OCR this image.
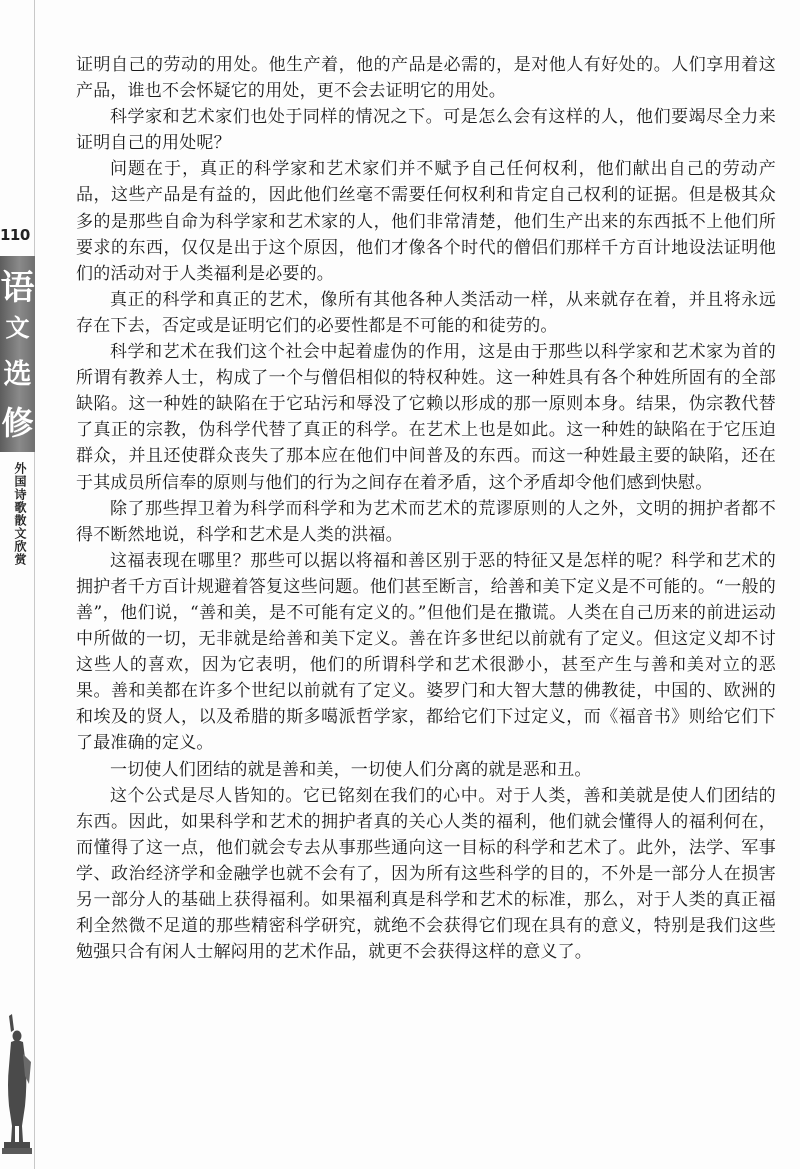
110
语
文
选
修
外国诗歌散文欣赏

证明自己的劳动的用处。他生产着，他的产品是必需的，是对他人有好处的。人们享用着这产品，谁也不会怀疑它的用处，更不会去证明它的用处。

科学家和艺术家们也处于同样的情况之下。可是怎么会有这样的人，他们要竭尽全力来证明自己的用处呢？

问题在于，真正的科学家和艺术家们并不赋予自己任何权利，他们献出自己的劳动产品，这些产品是有益的，因此他们丝毫不需要任何权利和肯定自己权利的证据。但是极其众多的是那些自命为科学家和艺术家的人，他们非常清楚，他们生产出来的东西抵不上他们所要求的东西，仅仅是出于这个原因，他们才像各个时代的僧侣们那样千方百计地设法证明他们的活动对于人类福利是必要的。

真正的科学和真正的艺术，像所有其他各种人类活动一样，从来就存在着，并且将永远存在下去，否定或是证明它们的必要性都是不可能的和徒劳的。

科学和艺术在我们这个社会中起着虚伪的作用，这是由于那些以科学家和艺术家为首的所谓有教养人士，构成了一个与僧侣相似的特权种姓。这一种姓具有各个种姓所固有的全部缺陷。这一种姓的缺陷在于它玷污和辱没了它赖以形成的那一原则本身。结果，伪宗教代替了真正的宗教，伪科学代替了真正的科学。在艺术上也是如此。这一种姓的缺陷在于它压迫群众，并且还使群众丧失了那本应在他们中间普及的东西。而这一种姓最主要的缺陷，还在于其成员所信奉的原则与他们的行为之间存在着矛盾，这个矛盾却令他们感到快慰。

除了那些捍卫着为科学而科学和为艺术而艺术的荒谬原则的人之外，文明的拥护者都不得不断然地说，科学和艺术是人类的洪福。

这福表现在哪里？那些可以据以将福和善区别于恶的特征又是怎样的呢？科学和艺术的拥护者千方百计规避着答复这些问题。他们甚至断言，给善和美下定义是不可能的。“一般的善”，他们说，“善和美，是不可能有定义的。”但他们是在撒谎。人类在自己历来的前进运动中所做的一切，无非就是给善和美下定义。善在许多世纪以前就有了定义。但这定义却不讨这些人的喜欢，因为它表明，他们的所谓科学和艺术很渺小，甚至产生与善和美对立的恶果。善和美都在许多个世纪以前就有了定义。婆罗门和大智大慧的佛教徒，中国的、欧洲的和埃及的贤人，以及希腊的斯多噶派哲学家，都给它们下过定义，而《福音书》则给它们下了最准确的定义。

一切使人们团结的就是善和美，一切使人们分离的就是恶和丑。

这个公式是尽人皆知的。它已铭刻在我们的心中。对于人类，善和美就是使人们团结的东西。因此，如果科学和艺术的拥护者真的关心人类的福利，他们就会懂得人的福利何在，而懂得了这一点，他们就会专去从事那些通向这一目标的科学和艺术了。此外，法学、军事学、政治经济学和金融学也就不会有了，因为所有这些科学的目的，不外是一部分人在损害另一部分人的基础上获得福利。如果福利真是科学和艺术的标准，那么，对于人类的真正福利全然微不足道的那些精密科学研究，就绝不会获得它们现在具有的意义，特别是我们这些勉强只合有闲人士解闷用的艺术作品，就更不会获得这样的意义了。
